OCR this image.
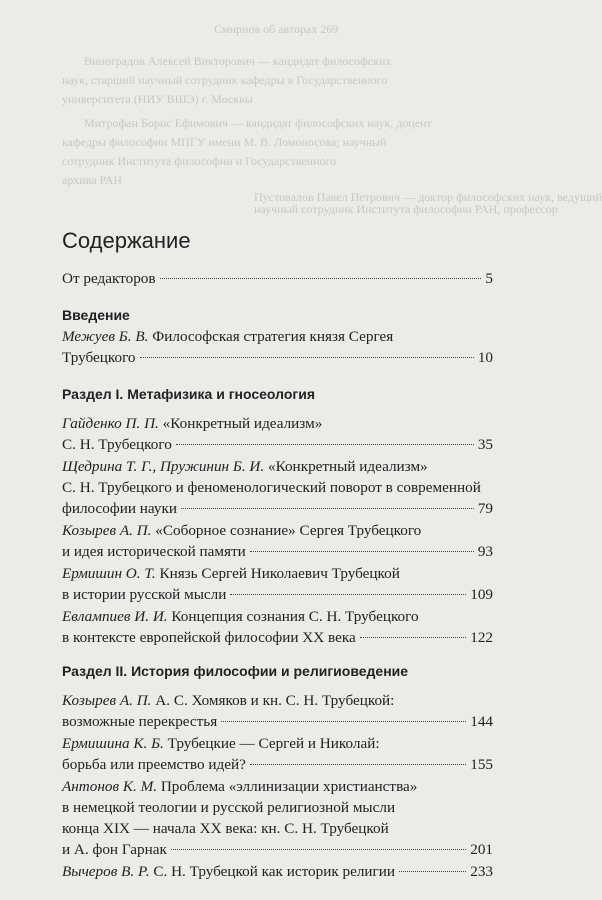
Смирнов об авторах 269
Виноградов Алексей Викторович — кандидат философских
наук, старший научный сотрудник кафедры в Государственного
университета (НИУ ВШЭ) г. Москвы
Митрофан Борис Ефимович — кандидат философских наук, доцент
кафедры философии МПГУ имени М. В. Ломоносова; научный
сотрудник Института философии и Государственного
архива РАН
Пустовалов Павел Петрович — доктор философских наук, ведущий
научный сотрудник Института философии РАН, профессор
Содержание
От редакторов	5
Введение
Межуев Б. В. Философская стратегия князя Сергея
Трубецкого	10
Раздел I. Метафизика и гносеология
Гайденко П. П. «Конкретный идеализм»
С. Н. Трубецкого	35
Щедрина Т. Г., Пружинин Б. И. «Конкретный идеализм»
С. Н. Трубецкого и феноменологический поворот в современной
философии науки	79
Козырев А. П. «Соборное сознание» Сергея Трубецкого
и идея исторической памяти	93
Ермишин О. Т. Князь Сергей Николаевич Трубецкой
в истории русской мысли	109
Евлампиев И. И. Концепция сознания С. Н. Трубецкого
в контексте европейской философии XX века	122
Раздел II. История философии и религиоведение
Козырев А. П. А. С. Хомяков и кн. С. Н. Трубецкой:
возможные перекрестья	144
Ермишина К. Б. Трубецкие — Сергей и Николай:
борьба или преемство идей?	155
Антонов К. М. Проблема «эллинизации христианства»
в немецкой теологии и русской религиозной мысли
конца XIX — начала XX века: кн. С. Н. Трубецкой
и А. фон Гарнак	201
Вычеров В. Р. С. Н. Трубецкой как историк религии	233
